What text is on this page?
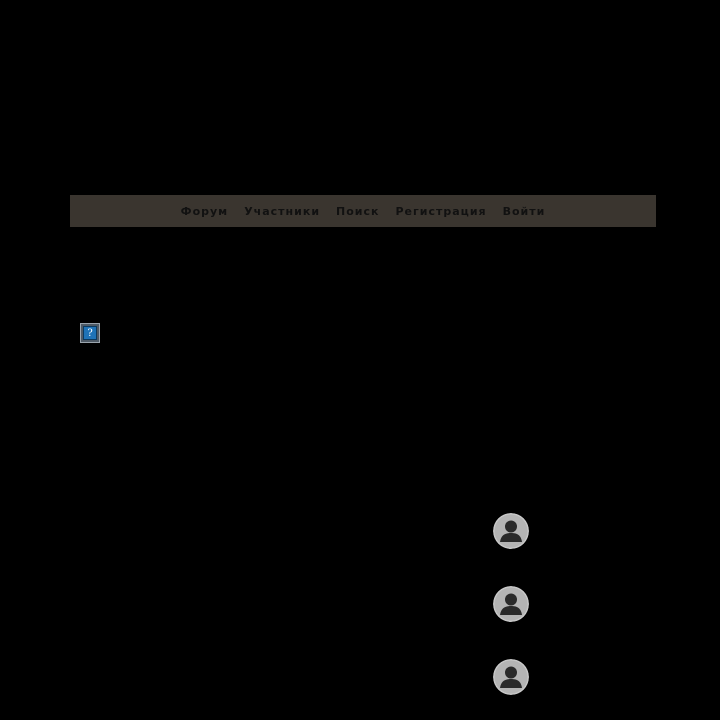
Форум Участники Поиск Регистрация Войти
?
